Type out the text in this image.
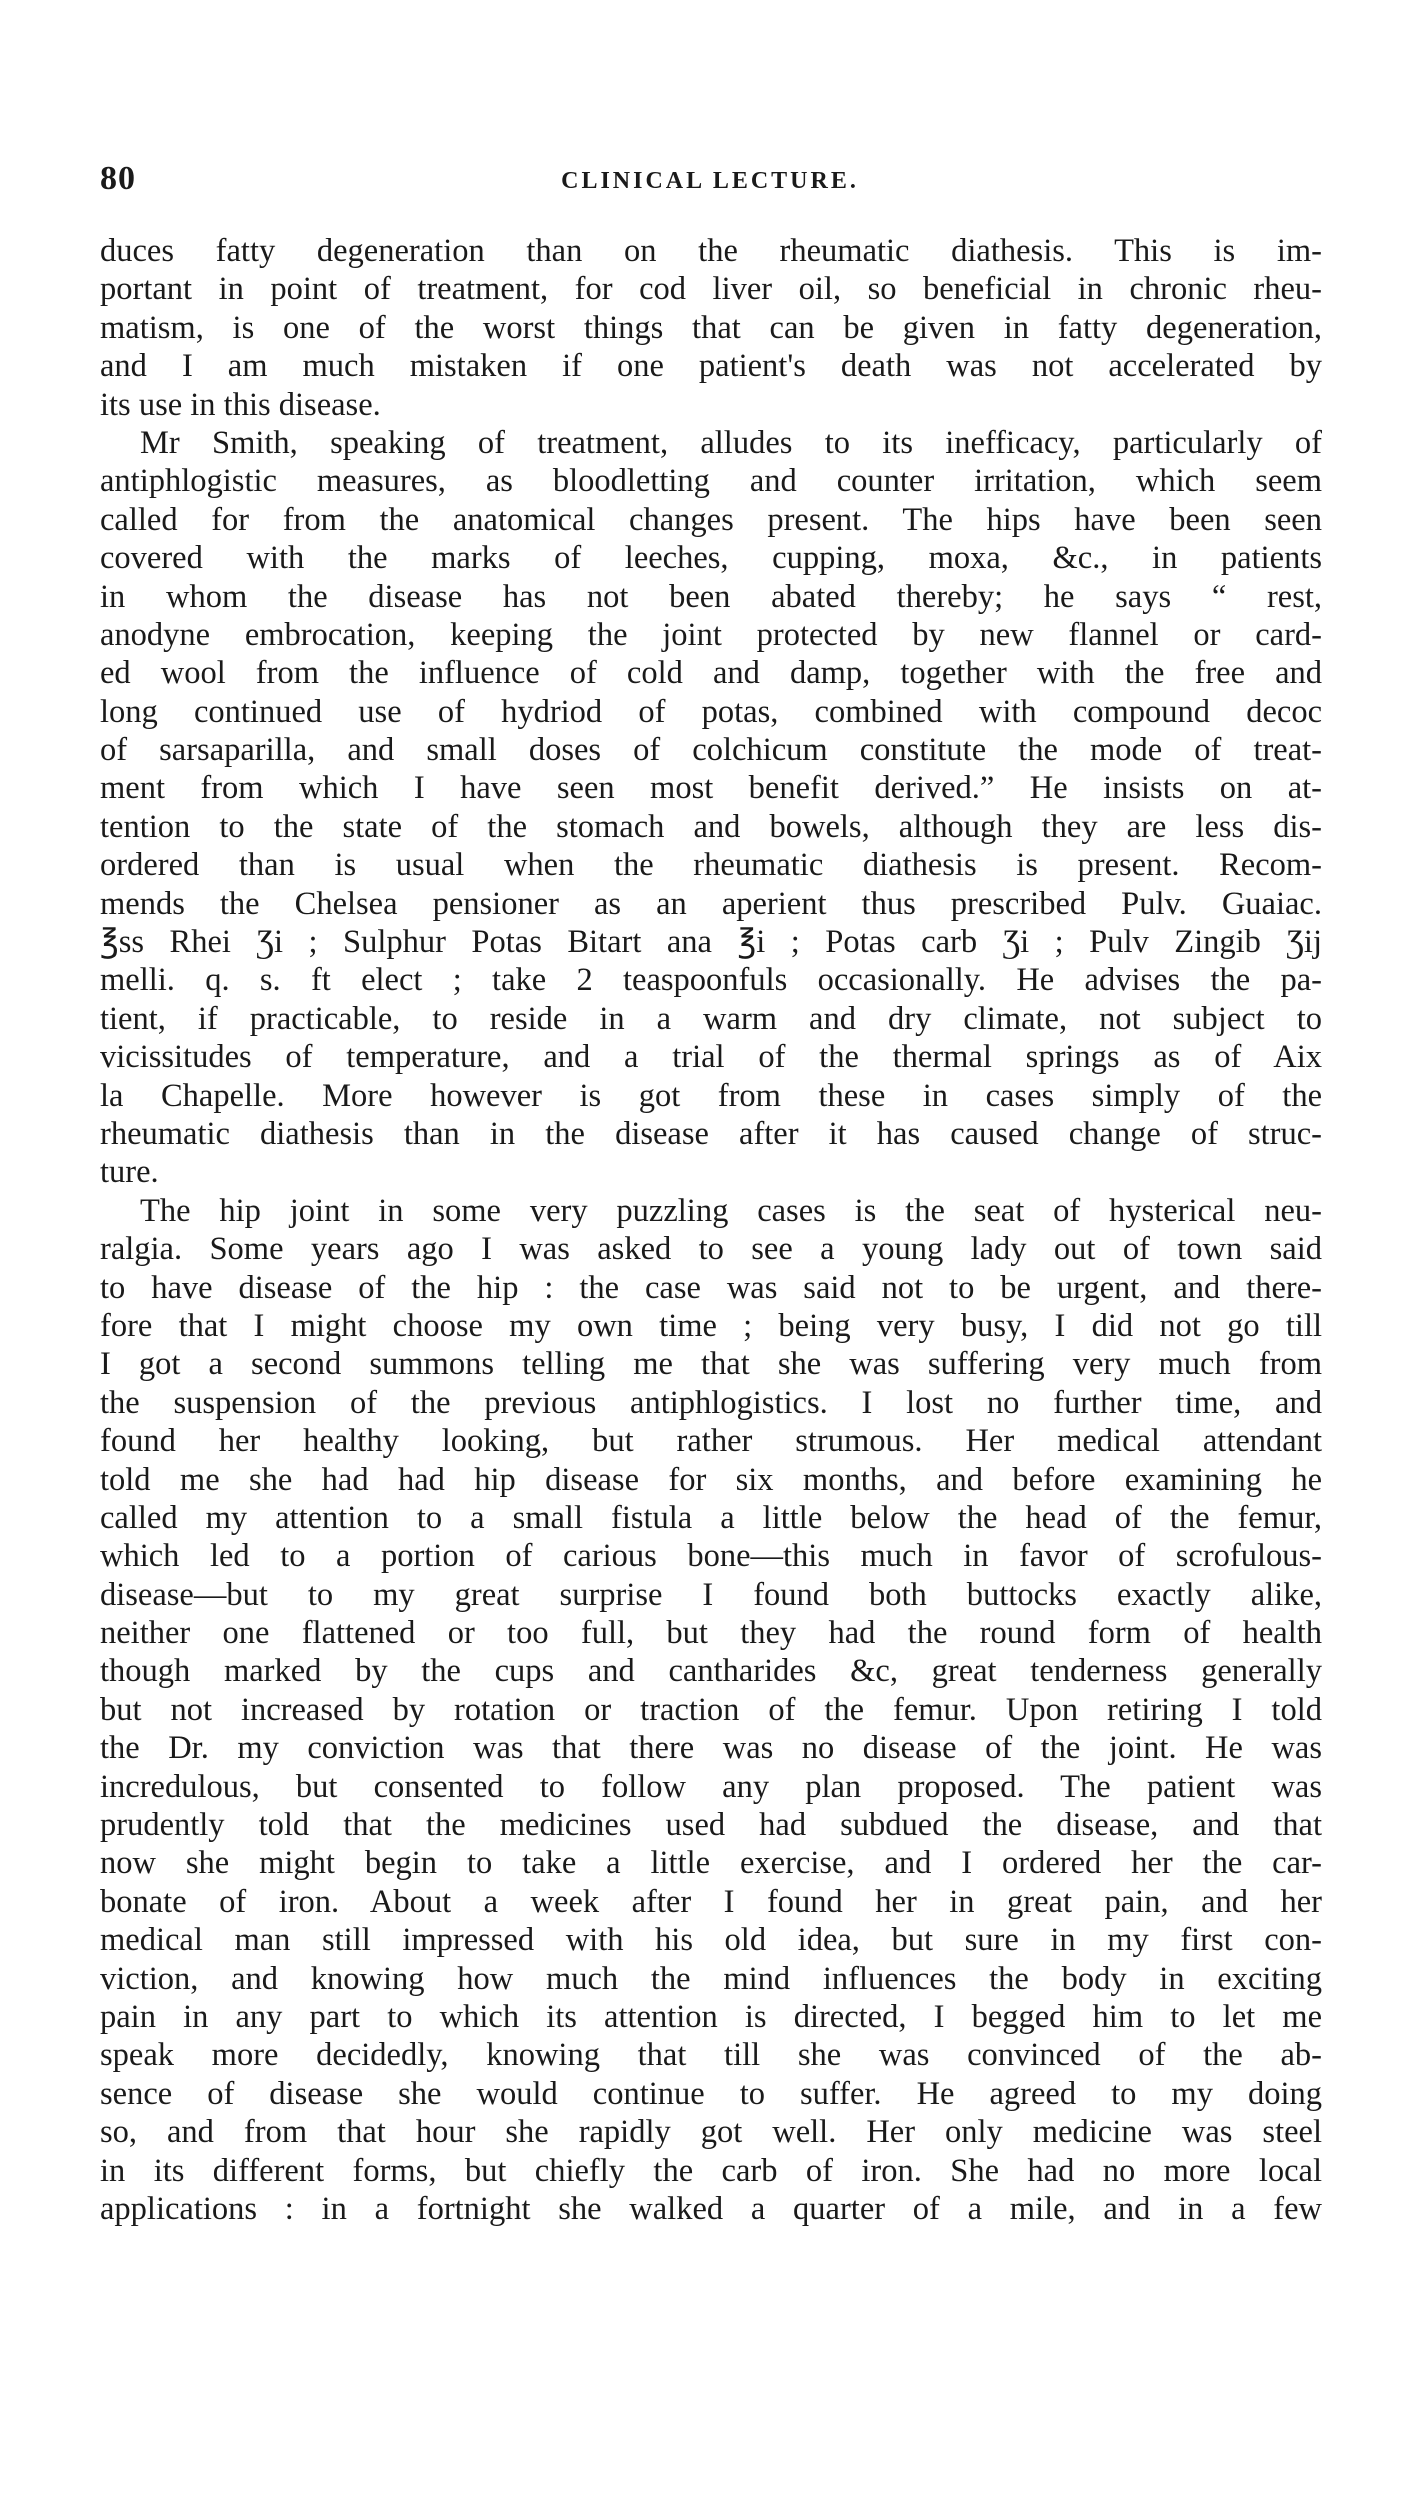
80	CLINICAL LECTURE.
duces fatty degeneration than on the rheumatic diathesis. This is im-
portant in point of treatment, for cod liver oil, so beneficial in chronic rheu-
matism, is one of the worst things that can be given in fatty degeneration,
and I am much mistaken if one patient's death was not accelerated by
its use in this disease.
Mr Smith, speaking of treatment, alludes to its inefficacy, particularly of
antiphlogistic measures, as bloodletting and counter irritation, which seem
called for from the anatomical changes present. The hips have been seen
covered with the marks of leeches, cupping, moxa, &c., in patients
in whom the disease has not been abated thereby; he says “ rest,
anodyne embrocation, keeping the joint protected by new flannel or card-
ed wool from the influence of cold and damp, together with the free and
long continued use of hydriod of potas, combined with compound decoc
of sarsaparilla, and small doses of colchicum constitute the mode of treat-
ment from which I have seen most benefit derived.” He insists on at-
tention to the state of the stomach and bowels, although they are less dis-
ordered than is usual when the rheumatic diathesis is present. Recom-
mends the Chelsea pensioner as an aperient thus prescribed Pulv. Guaiac.
℥ss Rhei Ʒi ; Sulphur Potas Bitart ana ℥i ; Potas carb Ʒi ; Pulv Zingib Ʒij
melli. q. s. ft elect ; take 2 teaspoonfuls occasionally. He advises the pa-
tient, if practicable, to reside in a warm and dry climate, not subject to
vicissitudes of temperature, and a trial of the thermal springs as of Aix
la Chapelle. More however is got from these in cases simply of the
rheumatic diathesis than in the disease after it has caused change of struc-
ture.
The hip joint in some very puzzling cases is the seat of hysterical neu-
ralgia. Some years ago I was asked to see a young lady out of town said
to have disease of the hip : the case was said not to be urgent, and there-
fore that I might choose my own time ; being very busy, I did not go till
I got a second summons telling me that she was suffering very much from
the suspension of the previous antiphlogistics. I lost no further time, and
found her healthy looking, but rather strumous. Her medical attendant
told me she had had hip disease for six months, and before examining he
called my attention to a small fistula a little below the head of the femur,
which led to a portion of carious bone—this much in favor of scrofulous-
disease—but to my great surprise I found both buttocks exactly alike,
neither one flattened or too full, but they had the round form of health
though marked by the cups and cantharides &c, great tenderness generally
but not increased by rotation or traction of the femur. Upon retiring I told
the Dr. my conviction was that there was no disease of the joint. He was
incredulous, but consented to follow any plan proposed. The patient was
prudently told that the medicines used had subdued the disease, and that
now she might begin to take a little exercise, and I ordered her the car-
bonate of iron. About a week after I found her in great pain, and her
medical man still impressed with his old idea, but sure in my first con-
viction, and knowing how much the mind influences the body in exciting
pain in any part to which its attention is directed, I begged him to let me
speak more decidedly, knowing that till she was convinced of the ab-
sence of disease she would continue to suffer. He agreed to my doing
so, and from that hour she rapidly got well. Her only medicine was steel
in its different forms, but chiefly the carb of iron. She had no more local
applications : in a fortnight she walked a quarter of a mile, and in a few
